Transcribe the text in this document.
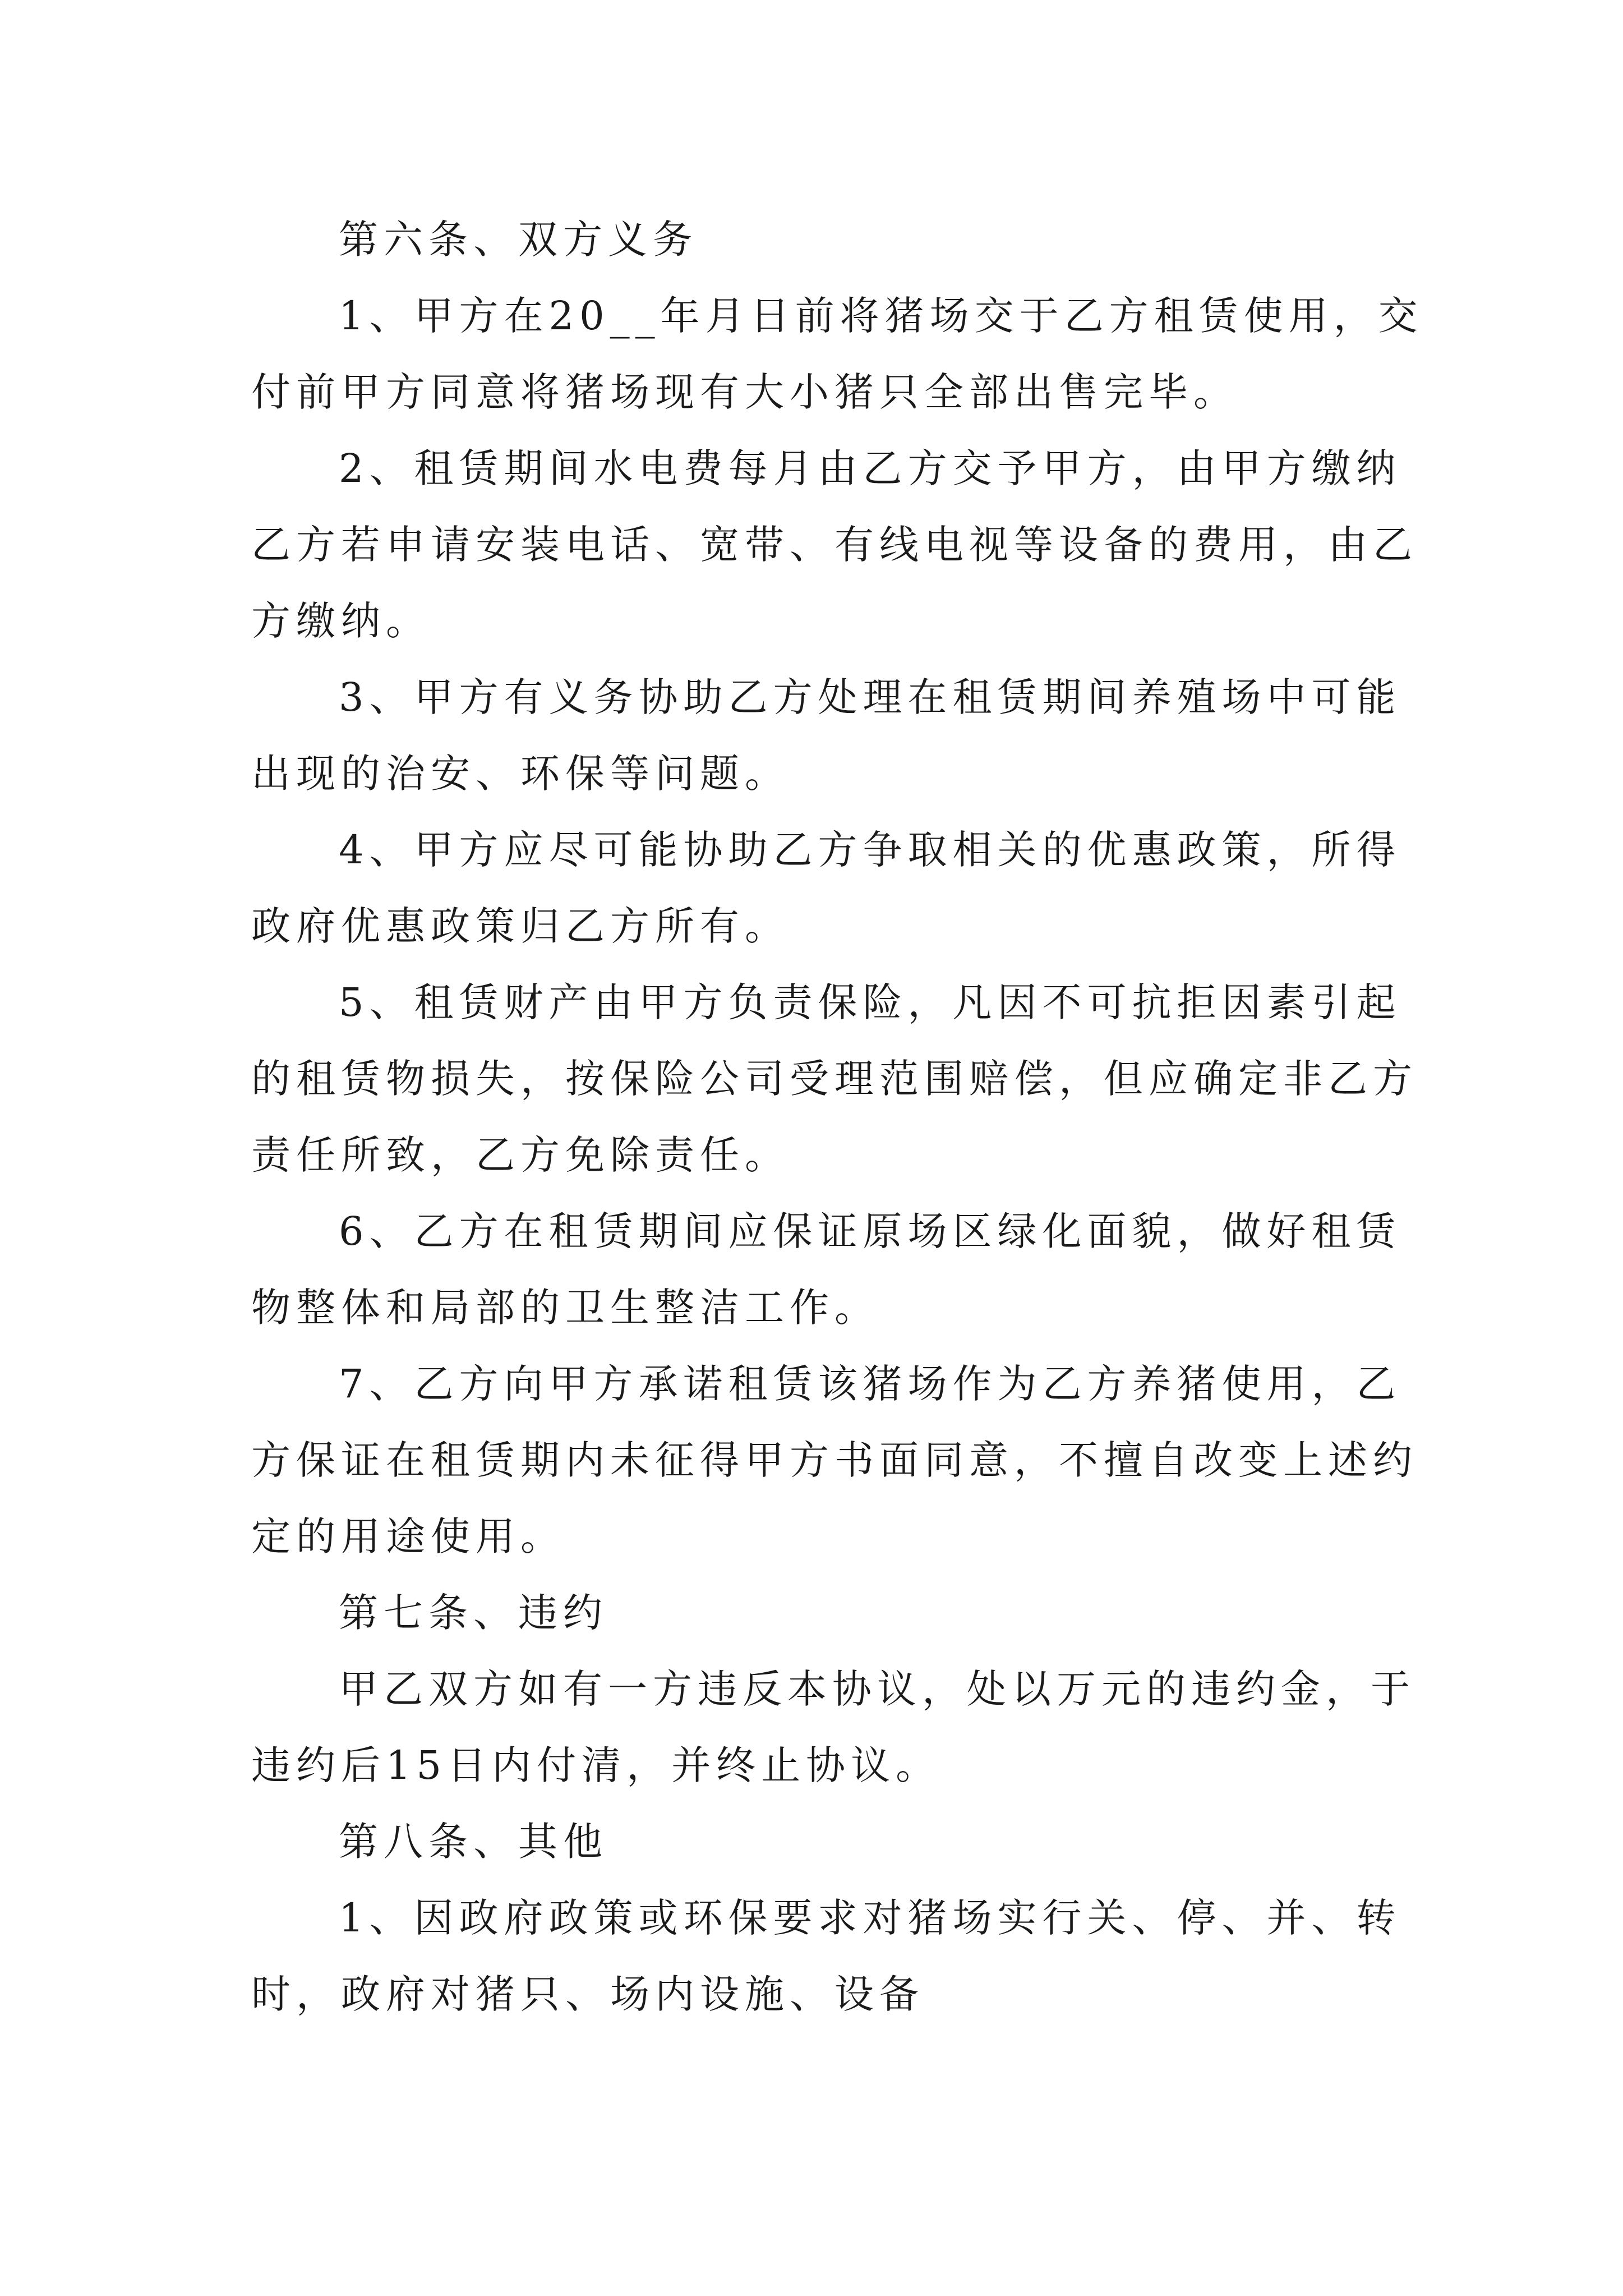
第六条、双方义务
1、甲方在20__年月日前将猪场交于乙方租赁使用，交
付前甲方同意将猪场现有大小猪只全部出售完毕。
2、租赁期间水电费每月由乙方交予甲方，由甲方缴纳
乙方若申请安装电话、宽带、有线电视等设备的费用，由乙
方缴纳。
3、甲方有义务协助乙方处理在租赁期间养殖场中可能
出现的治安、环保等问题。
4、甲方应尽可能协助乙方争取相关的优惠政策，所得
政府优惠政策归乙方所有。
5、租赁财产由甲方负责保险，凡因不可抗拒因素引起
的租赁物损失，按保险公司受理范围赔偿，但应确定非乙方
责任所致，乙方免除责任。
6、乙方在租赁期间应保证原场区绿化面貌，做好租赁
物整体和局部的卫生整洁工作。
7、乙方向甲方承诺租赁该猪场作为乙方养猪使用，乙
方保证在租赁期内未征得甲方书面同意，不擅自改变上述约
定的用途使用。
第七条、违约
甲乙双方如有一方违反本协议，处以万元的违约金，于
违约后15日内付清，并终止协议。
第八条、其他
1、因政府政策或环保要求对猪场实行关、停、并、转
时，政府对猪只、场内设施、设备
